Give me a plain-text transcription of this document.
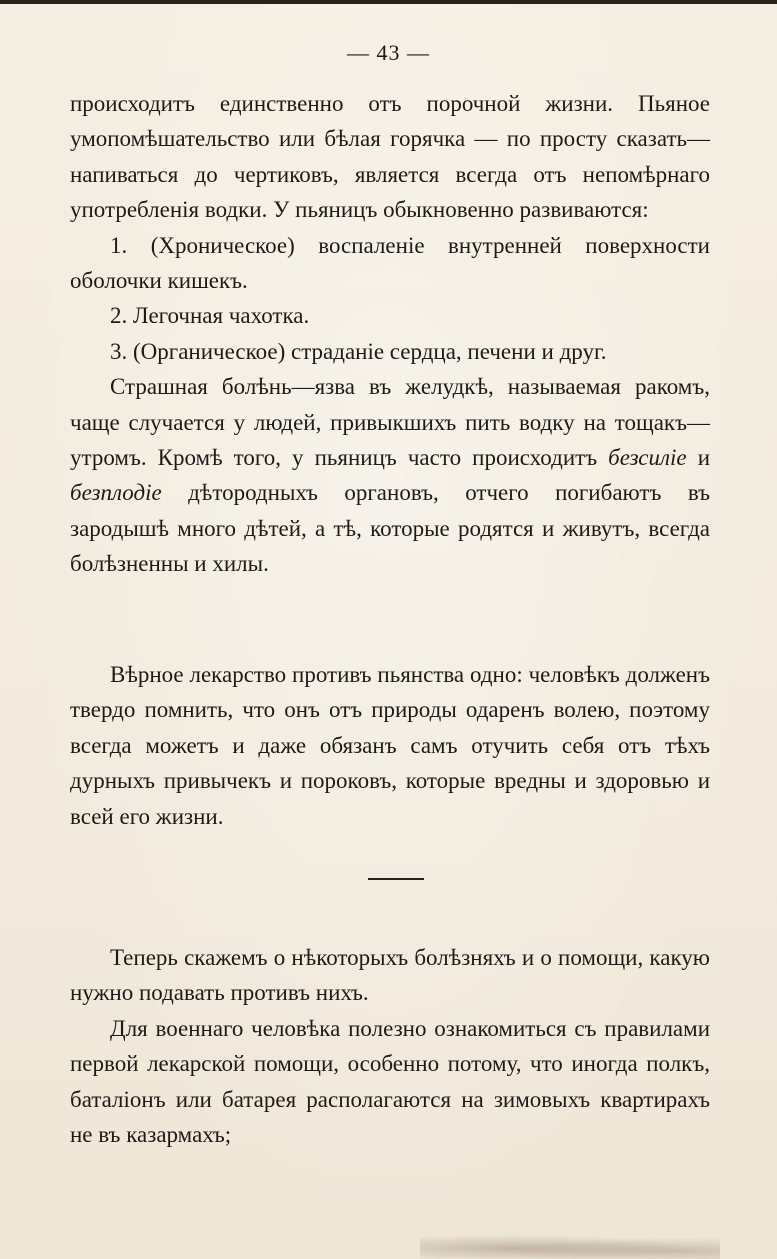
— 43 —

происходитъ единственно отъ порочной жизни. Пьяное умопомѣшательство или бѣлая горячка — по просту сказать—напиваться до чертиковъ, является всегда отъ непомѣрнаго употребленія водки. У пьяницъ обыкновенно развиваются:

1. (Хроническое) воспаленіе внутренней поверхности оболочки кишекъ.

2. Легочная чахотка.

3. (Органическое) страданіе сердца, печени и друг.

Страшная болѣнь—язва въ желудкѣ, называемая ракомъ, чаще случается у людей, привыкшихъ пить водку на тощакъ—утромъ. Кромѣ того, у пьяницъ часто происходитъ безсиліе и безплодіе дѣтородныхъ органовъ, отчего погибаютъ въ зародышѣ много дѣтей, а тѣ, которые родятся и живутъ, всегда болѣзненны и хилы.

Вѣрное лекарство противъ пьянства одно: человѣкъ долженъ твердо помнить, что онъ отъ природы одаренъ волею, поэтому всегда можетъ и даже обязанъ самъ отучить себя отъ тѣхъ дурныхъ привычекъ и пороковъ, которые вредны и здоровью и всей его жизни.

Теперь скажемъ о нѣкоторыхъ болѣзняхъ и о помощи, какую нужно подавать противъ нихъ.

Для военнаго человѣка полезно ознакомиться съ правилами первой лекарской помощи, особенно потому, что иногда полкъ, баталіонъ или батарея располагаются на зимовыхъ квартирахъ не въ казармахъ;
